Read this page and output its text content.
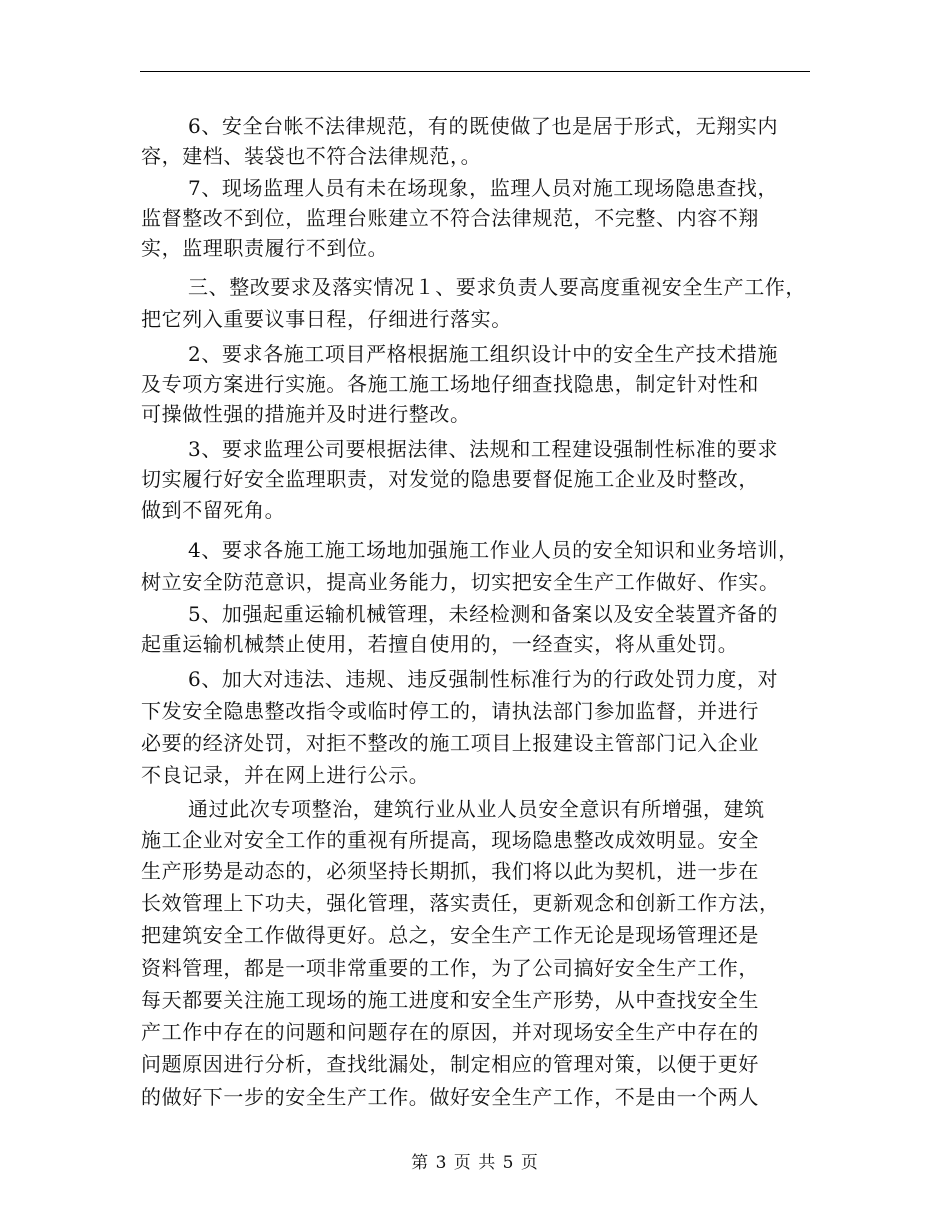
6、安全台帐不法律规范，有的既使做了也是居于形式，无翔实内
容，建档、装袋也不符合法律规范，。
7、现场监理人员有未在场现象，监理人员对施工现场隐患查找，
监督整改不到位，监理台账建立不符合法律规范，不完整、内容不翔
实，监理职责履行不到位。
三、整改要求及落实情况１、要求负责人要高度重视安全生产工作，
把它列入重要议事日程，仔细进行落实。
2、要求各施工项目严格根据施工组织设计中的安全生产技术措施
及专项方案进行实施。各施工施工场地仔细查找隐患，制定针对性和
可操做性强的措施并及时进行整改。
3、要求监理公司要根据法律、法规和工程建设强制性标准的要求
切实履行好安全监理职责，对发觉的隐患要督促施工企业及时整改，
做到不留死角。
4、要求各施工施工场地加强施工作业人员的安全知识和业务培训，
树立安全防范意识，提高业务能力，切实把安全生产工作做好、作实。
5、加强起重运输机械管理，未经检测和备案以及安全装置齐备的
起重运输机械禁止使用，若擅自使用的，一经查实，将从重处罚。
6、加大对违法、违规、违反强制性标准行为的行政处罚力度，对
下发安全隐患整改指令或临时停工的，请执法部门参加监督，并进行
必要的经济处罚，对拒不整改的施工项目上报建设主管部门记入企业
不良记录，并在网上进行公示。
通过此次专项整治，建筑行业从业人员安全意识有所增强，建筑
施工企业对安全工作的重视有所提高，现场隐患整改成效明显。安全
生产形势是动态的，必须坚持长期抓，我们将以此为契机，进一步在
长效管理上下功夫，强化管理，落实责任，更新观念和创新工作方法，
把建筑安全工作做得更好。总之，安全生产工作无论是现场管理还是
资料管理，都是一项非常重要的工作，为了公司搞好安全生产工作，
每天都要关注施工现场的施工进度和安全生产形势，从中查找安全生
产工作中存在的问题和问题存在的原因，并对现场安全生产中存在的
问题原因进行分析，查找纰漏处，制定相应的管理对策，以便于更好
的做好下一步的安全生产工作。做好安全生产工作，不是由一个两人
第 3 页 共 5 页
